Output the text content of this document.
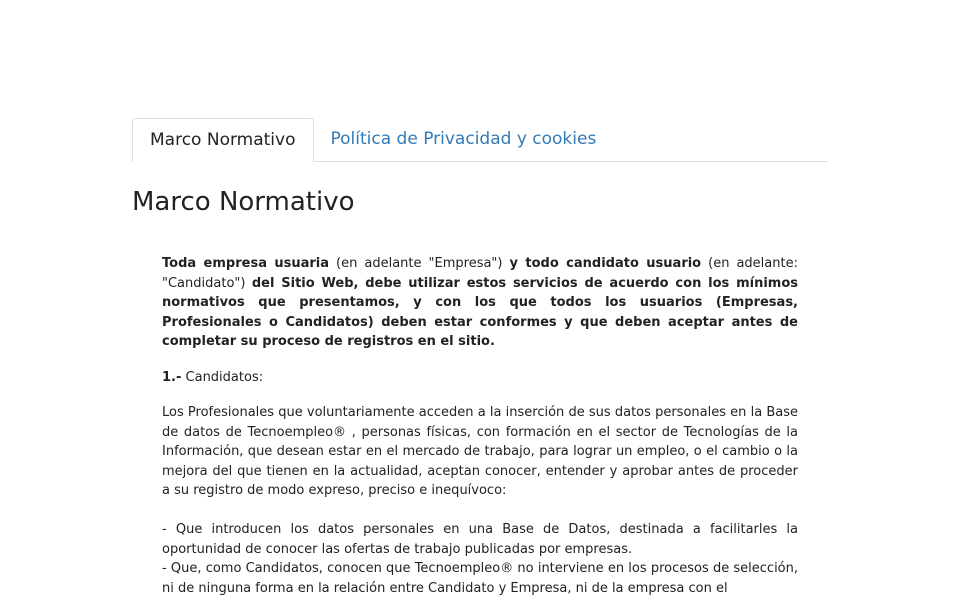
Marco Normativo	Política de Privacidad y cookies
Marco Normativo

Toda empresa usuaria (en adelante "Empresa") y todo candidato usuario (en adelante: "Candidato") del Sitio Web, debe utilizar estos servicios de acuerdo con los mínimos normativos que presentamos, y con los que todos los usuarios (Empresas, Profesionales o Candidatos) deben estar conformes y que deben aceptar antes de completar su proceso de registros en el sitio.

1.- Candidatos:

Los Profesionales que voluntariamente acceden a la inserción de sus datos personales en la Base de datos de Tecnoempleo® , personas físicas, con formación en el sector de Tecnologías de la Información, que desean estar en el mercado de trabajo, para lograr un empleo, o el cambio o la mejora del que tienen en la actualidad, aceptan conocer, entender y aprobar antes de proceder a su registro de modo expreso, preciso e inequívoco:

- Que introducen los datos personales en una Base de Datos, destinada a facilitarles la oportunidad de conocer las ofertas de trabajo publicadas por empresas.

- Que, como Candidatos, conocen que Tecnoempleo® no interviene en los procesos de selección, ni de ninguna forma en la relación entre Candidato y Empresa, ni de la empresa con el
